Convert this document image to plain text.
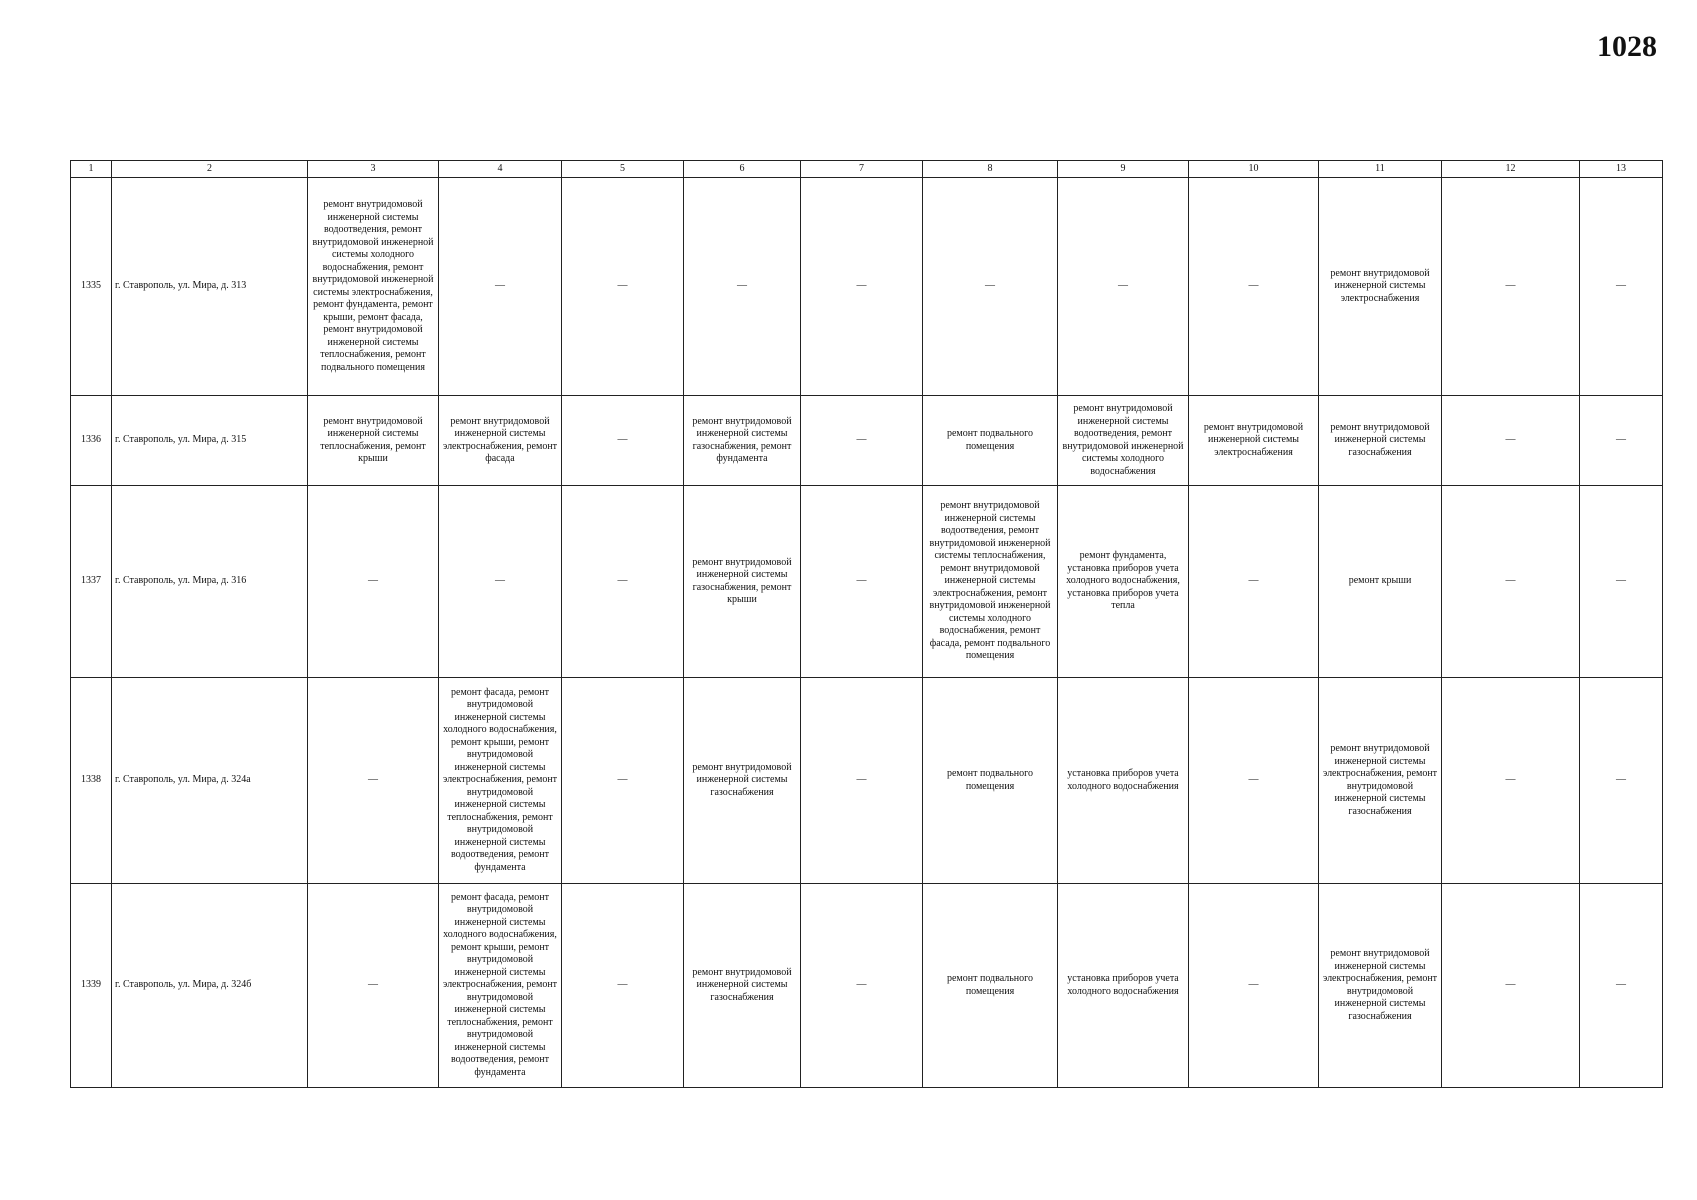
1028
1	2	3	4	5	6	7	8	9	10	11	12	13
1335	г. Ставрополь, ул. Мира, д. 313	ремонт внутридомовой инженерной системы водоотведения, ремонт внутридомовой инженерной системы холодного водоснабжения, ремонт внутридомовой инженерной системы электроснабжения, ремонт фундамента, ремонт крыши, ремонт фасада, ремонт внутридомовой инженерной системы теплоснабжения, ремонт подвального помещения	—	—	—	—	—	—	—	ремонт внутридомовой инженерной системы электроснабжения	—	—
1336	г. Ставрополь, ул. Мира, д. 315	ремонт внутридомовой инженерной системы теплоснабжения, ремонт крыши	ремонт внутридомовой инженерной системы электроснабжения, ремонт фасада	—	ремонт внутридомовой инженерной системы газоснабжения, ремонт фундамента	—	ремонт подвального помещения	ремонт внутридомовой инженерной системы водоотведения, ремонт внутридомовой инженерной системы холодного водоснабжения	ремонт внутридомовой инженерной системы электроснабжения	ремонт внутридомовой инженерной системы газоснабжения	—	—
1337	г. Ставрополь, ул. Мира, д. 316	—	—	—	ремонт внутридомовой инженерной системы газоснабжения, ремонт крыши	—	ремонт внутридомовой инженерной системы водоотведения, ремонт внутридомовой инженерной системы теплоснабжения, ремонт внутридомовой инженерной системы электроснабжения, ремонт внутридомовой инженерной системы холодного водоснабжения, ремонт фасада, ремонт подвального помещения	ремонт фундамента, установка приборов учета холодного водоснабжения, установка приборов учета тепла	—	ремонт крыши	—	—
1338	г. Ставрополь, ул. Мира, д. 324а	—	ремонт фасада, ремонт внутридомовой инженерной системы холодного водоснабжения, ремонт крыши, ремонт внутридомовой инженерной системы электроснабжения, ремонт внутридомовой инженерной системы теплоснабжения, ремонт внутридомовой инженерной системы водоотведения, ремонт фундамента	—	ремонт внутридомовой инженерной системы газоснабжения	—	ремонт подвального помещения	установка приборов учета холодного водоснабжения	—	ремонт внутридомовой инженерной системы электроснабжения, ремонт внутридомовой инженерной системы газоснабжения	—	—
1339	г. Ставрополь, ул. Мира, д. 324б	—	ремонт фасада, ремонт внутридомовой инженерной системы холодного водоснабжения, ремонт крыши, ремонт внутридомовой инженерной системы электроснабжения, ремонт внутридомовой инженерной системы теплоснабжения, ремонт внутридомовой инженерной системы водоотведения, ремонт фундамента	—	ремонт внутридомовой инженерной системы газоснабжения	—	ремонт подвального помещения	установка приборов учета холодного водоснабжения	—	ремонт внутридомовой инженерной системы электроснабжения, ремонт внутридомовой инженерной системы газоснабжения	—	—
